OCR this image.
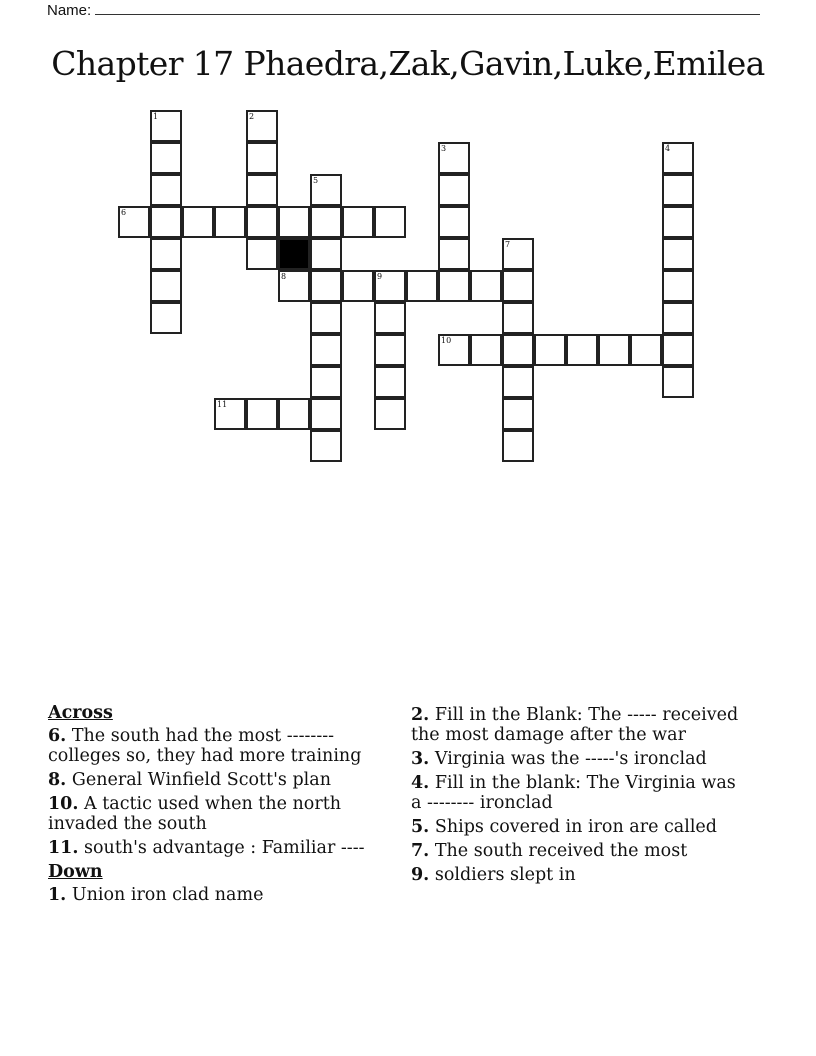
Name:
Chapter 17 Phaedra,Zak,Gavin,Luke,Emilea
1	2
3	4
5
6
7
8	9
10
11
Across
6. The south had the most -------- colleges so, they had more training
8. General Winfield Scott's plan
10. A tactic used when the north invaded the south
11. south's advantage : Familiar ----
Down
1. Union iron clad name
2. Fill in the Blank: The ----- received the most damage after the war
3. Virginia was the -----'s ironclad
4. Fill in the blank: The Virginia was a -------- ironclad
5. Ships covered in iron are called
7. The south received the most
9. soldiers slept in
